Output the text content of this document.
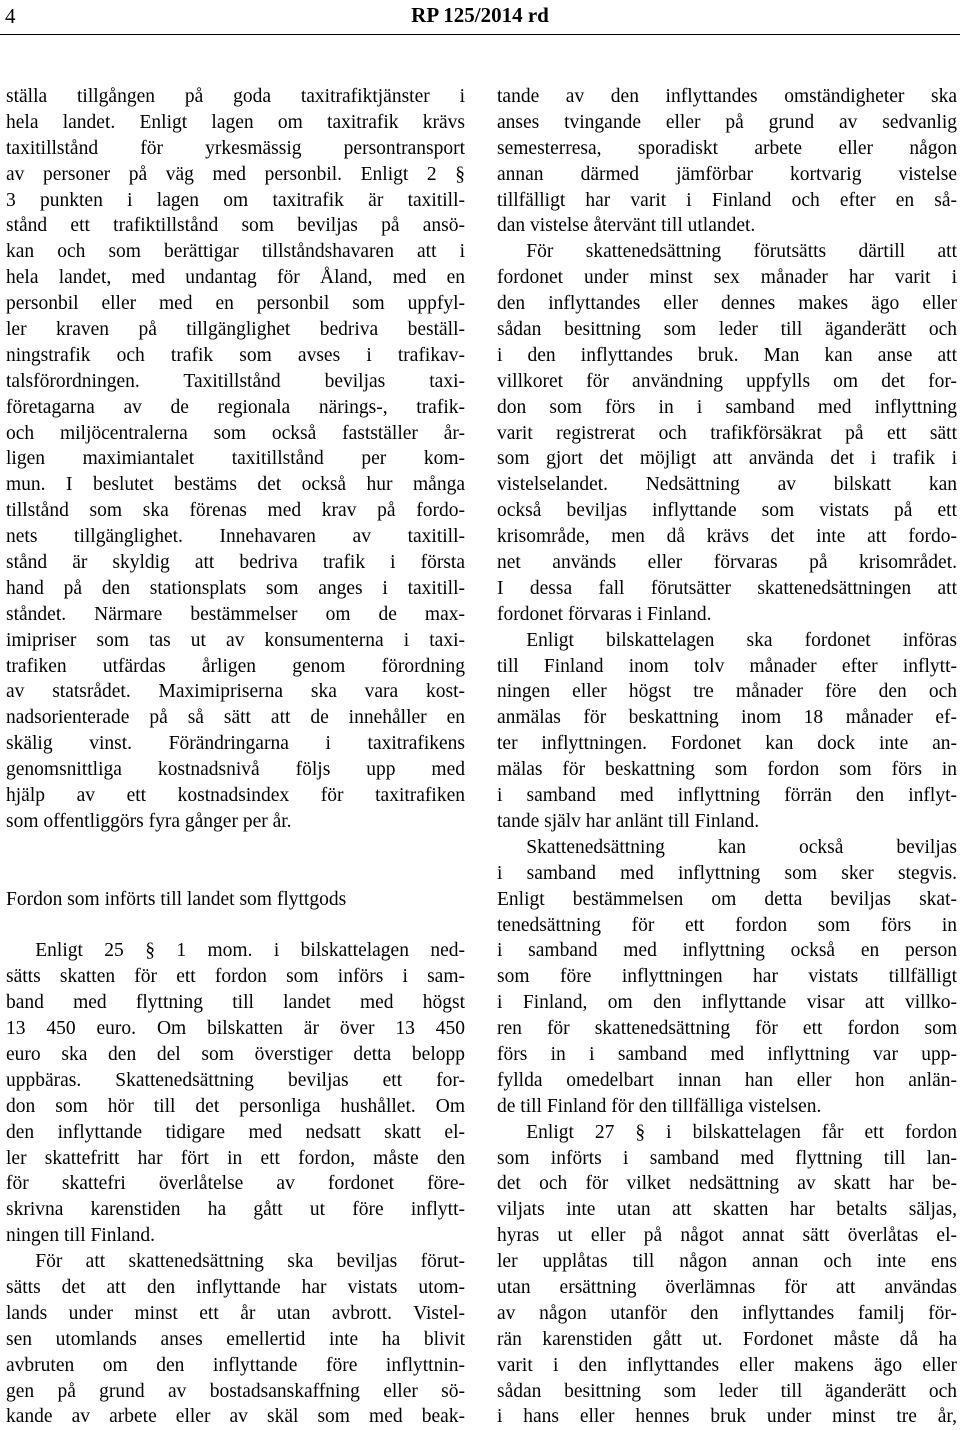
4	RP 125/2014 rd
ställa tillgången på goda taxitrafiktjänster i
hela landet. Enligt lagen om taxitrafik krävs
taxitillstånd för yrkesmässig persontransport
av personer på väg med personbil. Enligt 2 §
3 punkten i lagen om taxitrafik är taxitill-
stånd ett trafiktillstånd som beviljas på ansö-
kan och som berättigar tillståndshavaren att i
hela landet, med undantag för Åland, med en
personbil eller med en personbil som uppfyl-
ler kraven på tillgänglighet bedriva beställ-
ningstrafik och trafik som avses i trafikav-
talsförordningen. Taxitillstånd beviljas taxi-
företagarna av de regionala närings-, trafik-
och miljöcentralerna som också fastställer år-
ligen maximiantalet taxitillstånd per kom-
mun. I beslutet bestäms det också hur många
tillstånd som ska förenas med krav på fordo-
nets tillgänglighet. Innehavaren av taxitill-
stånd är skyldig att bedriva trafik i första
hand på den stationsplats som anges i taxitill-
ståndet. Närmare bestämmelser om de max-
imipriser som tas ut av konsumenterna i taxi-
trafiken utfärdas årligen genom förordning
av statsrådet. Maximipriserna ska vara kost-
nadsorienterade på så sätt att de innehåller en
skälig vinst. Förändringarna i taxitrafikens
genomsnittliga kostnadsnivå följs upp med
hjälp av ett kostnadsindex för taxitrafiken
som offentliggörs fyra gånger per år.
Fordon som införts till landet som flyttgods
  Enligt 25 § 1 mom. i bilskattelagen ned-
sätts skatten för ett fordon som införs i sam-
band med flyttning till landet med högst
13 450 euro. Om bilskatten är över 13 450
euro ska den del som överstiger detta belopp
uppbäras. Skattenedsättning beviljas ett for-
don som hör till det personliga hushållet. Om
den inflyttande tidigare med nedsatt skatt el-
ler skattefritt har fört in ett fordon, måste den
för skattefri överlåtelse av fordonet före-
skrivna karenstiden ha gått ut före inflytt-
ningen till Finland.
  För att skattenedsättning ska beviljas förut-
sätts det att den inflyttande har vistats utom-
lands under minst ett år utan avbrott. Vistel-
sen utomlands anses emellertid inte ha blivit
avbruten om den inflyttande före inflyttnin-
gen på grund av bostadsanskaffning eller sö-
kande av arbete eller av skäl som med beak-
tande av den inflyttandes omständigheter ska
anses tvingande eller på grund av sedvanlig
semesterresa, sporadiskt arbete eller någon
annan därmed jämförbar kortvarig vistelse
tillfälligt har varit i Finland och efter en så-
dan vistelse återvänt till utlandet.
  För skattenedsättning förutsätts därtill att
fordonet under minst sex månader har varit i
den inflyttandes eller dennes makes ägo eller
sådan besittning som leder till äganderätt och
i den inflyttandes bruk. Man kan anse att
villkoret för användning uppfylls om det for-
don som förs in i samband med inflyttning
varit registrerat och trafikförsäkrat på ett sätt
som gjort det möjligt att använda det i trafik i
vistelselandet. Nedsättning av bilskatt kan
också beviljas inflyttande som vistats på ett
krisområde, men då krävs det inte att fordo-
net används eller förvaras på krisområdet.
I dessa fall förutsätter skattenedsättningen att
fordonet förvaras i Finland.
  Enligt bilskattelagen ska fordonet införas
till Finland inom tolv månader efter inflytt-
ningen eller högst tre månader före den och
anmälas för beskattning inom 18 månader ef-
ter inflyttningen. Fordonet kan dock inte an-
mälas för beskattning som fordon som förs in
i samband med inflyttning förrän den inflyt-
tande själv har anlänt till Finland.
  Skattenedsättning kan också beviljas
i samband med inflyttning som sker stegvis.
Enligt bestämmelsen om detta beviljas skat-
tenedsättning för ett fordon som förs in
i samband med inflyttning också en person
som före inflyttningen har vistats tillfälligt
i Finland, om den inflyttande visar att villko-
ren för skattenedsättning för ett fordon som
förs in i samband med inflyttning var upp-
fyllda omedelbart innan han eller hon anlän-
de till Finland för den tillfälliga vistelsen.
  Enligt 27 § i bilskattelagen får ett fordon
som införts i samband med flyttning till lan-
det och för vilket nedsättning av skatt har be-
viljats inte utan att skatten har betalts säljas,
hyras ut eller på något annat sätt överlåtas el-
ler upplåtas till någon annan och inte ens
utan ersättning överlämnas för att användas
av någon utanför den inflyttandes familj för-
rän karenstiden gått ut. Fordonet måste då ha
varit i den inflyttandes eller makens ägo eller
sådan besittning som leder till äganderätt och
i hans eller hennes bruk under minst tre år,
